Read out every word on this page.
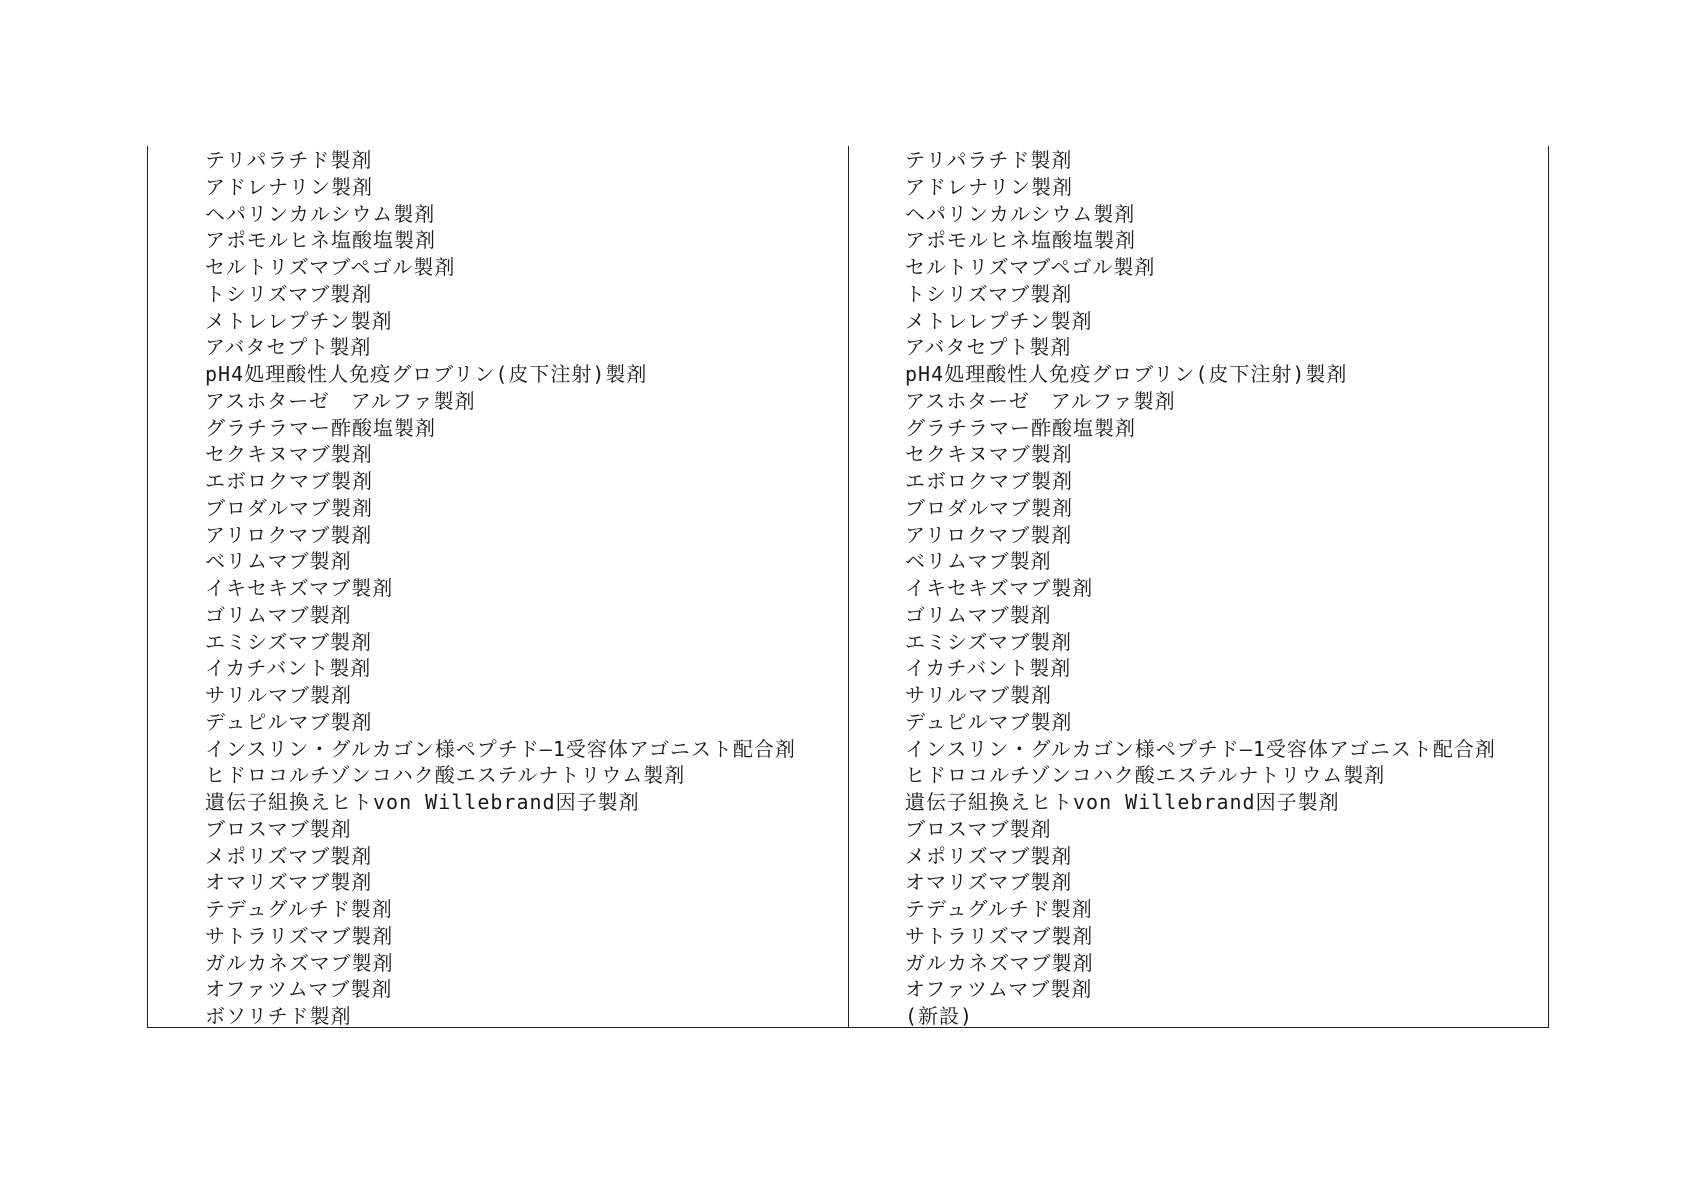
テリパラチド製剤
アドレナリン製剤
ヘパリンカルシウム製剤
アポモルヒネ塩酸塩製剤
セルトリズマブペゴル製剤
トシリズマブ製剤
メトレレプチン製剤
アバタセプト製剤
pH4処理酸性人免疫グロブリン(皮下注射)製剤
アスホターゼ　アルファ製剤
グラチラマー酢酸塩製剤
セクキヌマブ製剤
エボロクマブ製剤
ブロダルマブ製剤
アリロクマブ製剤
ベリムマブ製剤
イキセキズマブ製剤
ゴリムマブ製剤
エミシズマブ製剤
イカチバント製剤
サリルマブ製剤
デュピルマブ製剤
インスリン・グルカゴン様ペプチド―1受容体アゴニスト配合剤
ヒドロコルチゾンコハク酸エステルナトリウム製剤
遺伝子組換えヒトvon Willebrand因子製剤
ブロスマブ製剤
メポリズマブ製剤
オマリズマブ製剤
テデュグルチド製剤
サトラリズマブ製剤
ガルカネズマブ製剤
オファツムマブ製剤
ボソリチド製剤
テリパラチド製剤
アドレナリン製剤
ヘパリンカルシウム製剤
アポモルヒネ塩酸塩製剤
セルトリズマブペゴル製剤
トシリズマブ製剤
メトレレプチン製剤
アバタセプト製剤
pH4処理酸性人免疫グロブリン(皮下注射)製剤
アスホターゼ　アルファ製剤
グラチラマー酢酸塩製剤
セクキヌマブ製剤
エボロクマブ製剤
ブロダルマブ製剤
アリロクマブ製剤
ベリムマブ製剤
イキセキズマブ製剤
ゴリムマブ製剤
エミシズマブ製剤
イカチバント製剤
サリルマブ製剤
デュピルマブ製剤
インスリン・グルカゴン様ペプチド―1受容体アゴニスト配合剤
ヒドロコルチゾンコハク酸エステルナトリウム製剤
遺伝子組換えヒトvon Willebrand因子製剤
ブロスマブ製剤
メポリズマブ製剤
オマリズマブ製剤
テデュグルチド製剤
サトラリズマブ製剤
ガルカネズマブ製剤
オファツムマブ製剤
(新設)
